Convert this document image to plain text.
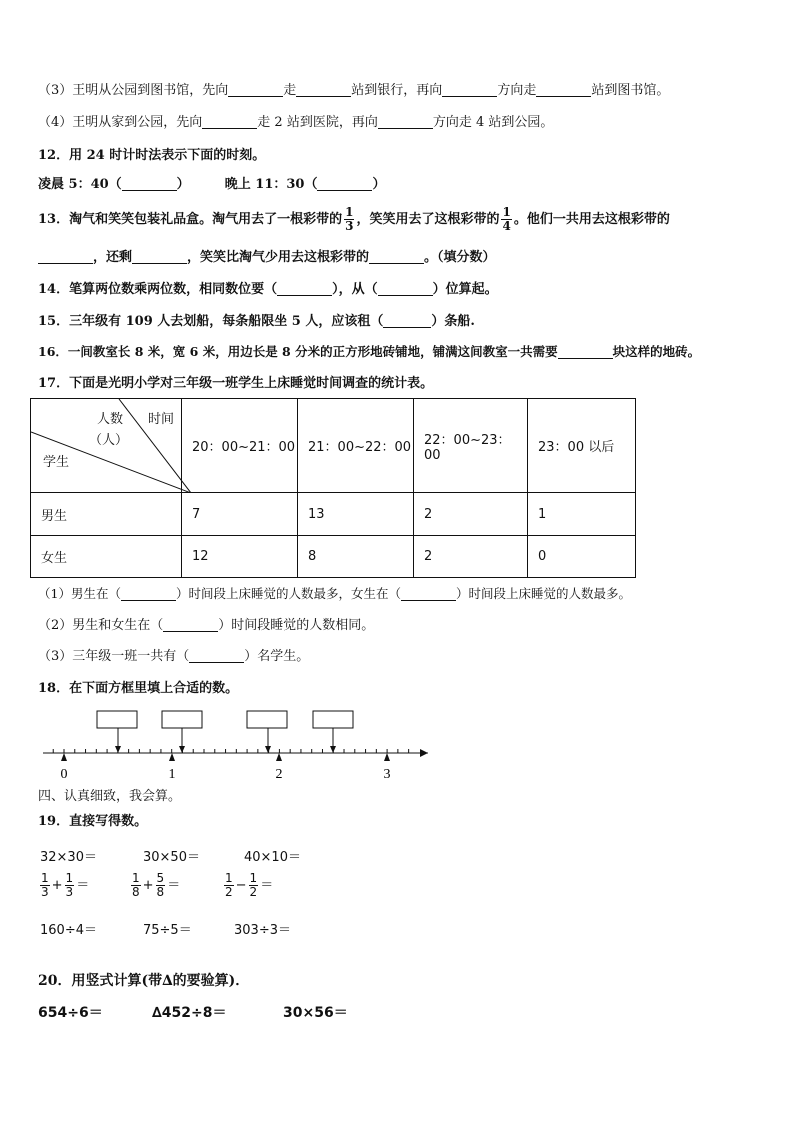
（3）王明从公园到图书馆，先向	走	站到银行，再向	方向走	站到图书馆。
（4）王明从家到公园，先向	走 2 站到医院，再向	方向走 4 站到公园。
12．用 24 时计时法表示下面的时刻。
凌晨 5：40（	）	晚上 11：30（	）
13．淘气和笑笑包装礼品盒。淘气用去了一根彩带的 $\frac{1}{3}$ ，笑笑用去了这根彩带的 $\frac{1}{4}$ 。他们一共用去这根彩带的
，还剩	，笑笑比淘气少用去这根彩带的	。（填分数）
14．笔算两位数乘两位数，相同数位要（	），从（	）位算起。
15．三年级有 109 人去划船，每条船限坐 5 人，应该租（	）条船.
16．一间教室长 8 米，宽 6 米，用边长是 8 分米的正方形地砖铺地，铺满这间教室一共需要	块这样的地砖。
17．下面是光明小学对三年级一班学生上床睡觉时间调查的统计表。
时间
人数
（人）
学生	20：00~21：00	21：00~22：00	22：00~23：00	23：00 以后
男生	7	13	2	1
女生	12	8	2	0
（1）男生在（	）时间段上床睡觉的人数最多，女生在（	）时间段上床睡觉的人数最多。
（2）男生和女生在（	）时间段睡觉的人数相同。
（3）三年级一班一共有（	）名学生。
18．在下面方框里填上合适的数。
0	1	2	3
四、认真细致，我会算。
19．直接写得数。
32×30＝	30×50＝	40×10＝
$\frac{1}{3} + \frac{1}{3}$ ＝	$\frac{1}{8} + \frac{5}{8}$ ＝	$\frac{1}{2} - \frac{1}{2}$ ＝
160÷4＝	75÷5＝	303÷3＝
20．用竖式计算(带∆的要验算)．
654÷6＝	∆452÷8＝	30×56＝
